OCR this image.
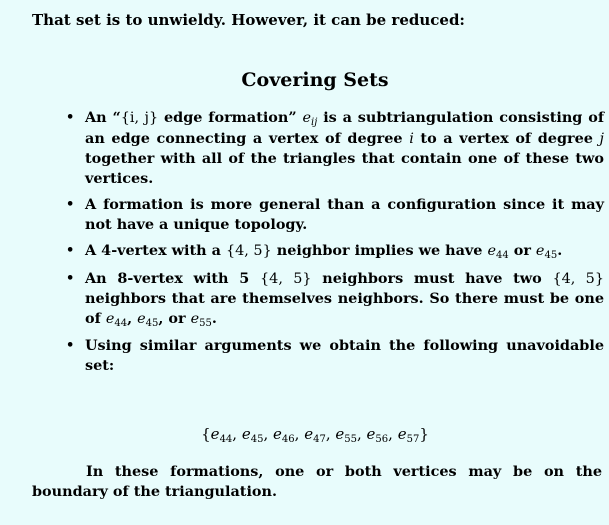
That set is to unwieldy. However, it can be reduced:
Covering Sets
• An “{i, j} edge formation” $e_{ij}$ is a subtriangulation consisting of an edge connecting a vertex of degree i to a vertex of degree j together with all of the triangles that contain one of these two vertices.
• A formation is more general than a configuration since it may not have a unique topology.
• A 4-vertex with a {4, 5} neighbor implies we have $e_{44}$ or $e_{45}$.
• An 8-vertex with 5 {4, 5} neighbors must have two {4, 5} neighbors that are themselves neighbors. So there must be one of $e_{44}$, $e_{45}$, or $e_{55}$.
• Using similar arguments we obtain the following unavoidable set:
{$e_{44}$, $e_{45}$, $e_{46}$, $e_{47}$, $e_{55}$, $e_{56}$, $e_{57}$}
In these formations, one or both vertices may be on the boundary of the triangulation.
